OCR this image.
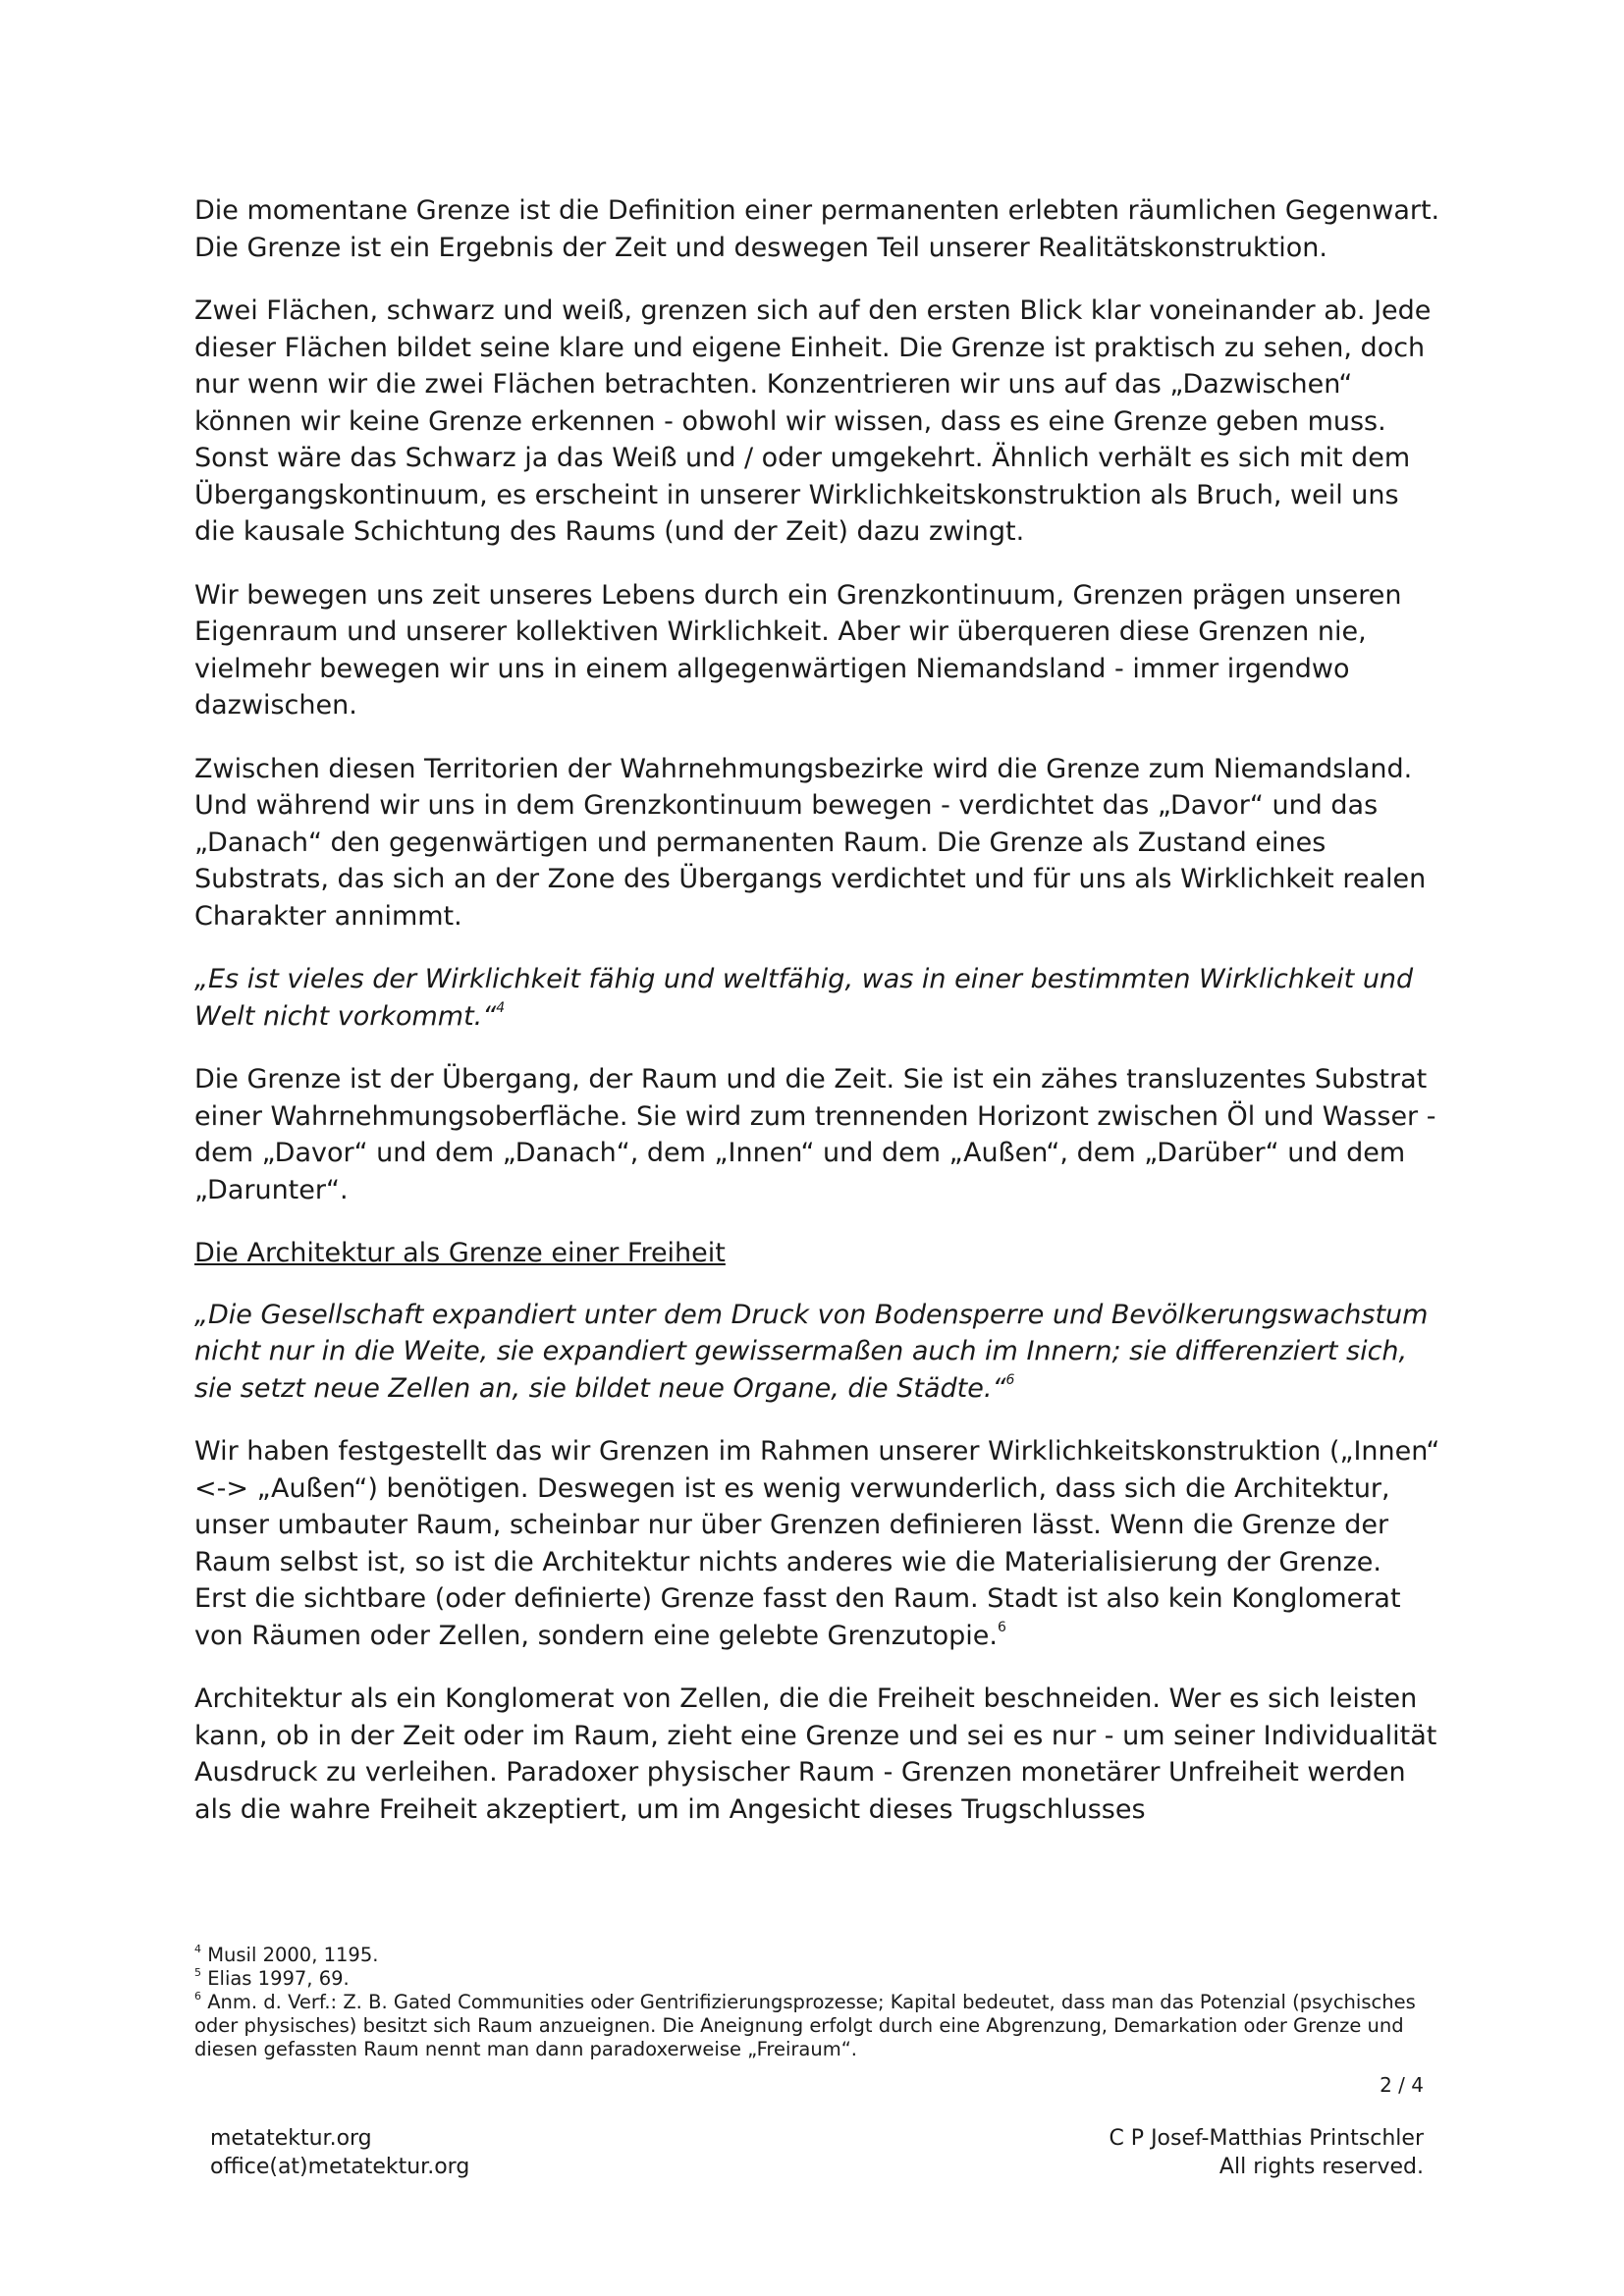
Die momentane Grenze ist die Definition einer permanenten erlebten räumlichen Gegenwart. Die Grenze ist ein Ergebnis der Zeit und deswegen Teil unserer Realitätskonstruktion.

Zwei Flächen, schwarz und weiß, grenzen sich auf den ersten Blick klar voneinander ab. Jede dieser Flächen bildet seine klare und eigene Einheit. Die Grenze ist praktisch zu sehen, doch nur wenn wir die zwei Flächen betrachten. Konzentrieren wir uns auf das „Dazwischen“ können wir keine Grenze erkennen - obwohl wir wissen, dass es eine Grenze geben muss. Sonst wäre das Schwarz ja das Weiß und / oder umgekehrt. Ähnlich verhält es sich mit dem Übergangskontinuum, es erscheint in unserer Wirklichkeitskonstruktion als Bruch, weil uns die kausale Schichtung des Raums (und der Zeit) dazu zwingt.

Wir bewegen uns zeit unseres Lebens durch ein Grenzkontinuum, Grenzen prägen unseren Eigenraum und unserer kollektiven Wirklichkeit. Aber wir überqueren diese Grenzen nie, vielmehr bewegen wir uns in einem allgegenwärtigen Niemandsland - immer irgendwo dazwischen.

Zwischen diesen Territorien der Wahrnehmungsbezirke wird die Grenze zum Niemandsland. Und während wir uns in dem Grenzkontinuum bewegen - verdichtet das „Davor“ und das „Danach“ den gegenwärtigen und permanenten Raum. Die Grenze als Zustand eines Substrats, das sich an der Zone des Übergangs verdichtet und für uns als Wirklichkeit realen Charakter annimmt.

„Es ist vieles der Wirklichkeit fähig und weltfähig, was in einer bestimmten Wirklichkeit und Welt nicht vorkommt.“$^4$

Die Grenze ist der Übergang, der Raum und die Zeit. Sie ist ein zähes transluzentes Substrat einer Wahrnehmungsoberfläche. Sie wird zum trennenden Horizont zwischen Öl und Wasser - dem „Davor“ und dem „Danach“, dem „Innen“ und dem „Außen“, dem „Darüber“ und dem „Darunter“.

Die Architektur als Grenze einer Freiheit

„Die Gesellschaft expandiert unter dem Druck von Bodensperre und Bevölkerungswachstum nicht nur in die Weite, sie expandiert gewissermaßen auch im Innern; sie differenziert sich, sie setzt neue Zellen an, sie bildet neue Organe, die Städte.“$^6$

Wir haben festgestellt das wir Grenzen im Rahmen unserer Wirklichkeitskonstruktion („Innen“ <-> „Außen“) benötigen. Deswegen ist es wenig verwunderlich, dass sich die Architektur, unser umbauter Raum, scheinbar nur über Grenzen definieren lässt. Wenn die Grenze der Raum selbst ist, so ist die Architektur nichts anderes wie die Materialisierung der Grenze. Erst die sichtbare (oder definierte) Grenze fasst den Raum. Stadt ist also kein Konglomerat von Räumen oder Zellen, sondern eine gelebte Grenzutopie.$^6$

Architektur als ein Konglomerat von Zellen, die die Freiheit beschneiden. Wer es sich leisten kann, ob in der Zeit oder im Raum, zieht eine Grenze und sei es nur - um seiner Individualität Ausdruck zu verleihen. Paradoxer physischer Raum - Grenzen monetärer Unfreiheit werden als die wahre Freiheit akzeptiert, um im Angesicht dieses Trugschlusses

$^4$ Musil 2000, 1195.
$^5$ Elias 1997, 69.
$^6$ Anm. d. Verf.: Z. B. Gated Communities oder Gentrifizierungsprozesse; Kapital bedeutet, dass man das Potenzial (psychisches oder physisches) besitzt sich Raum anzueignen. Die Aneignung erfolgt durch eine Abgrenzung, Demarkation oder Grenze und diesen gefassten Raum nennt man dann paradoxerweise „Freiraum“.
2 / 4
metatektur.org
office(at)metatektur.org
C P Josef-Matthias Printschler
All rights reserved.
